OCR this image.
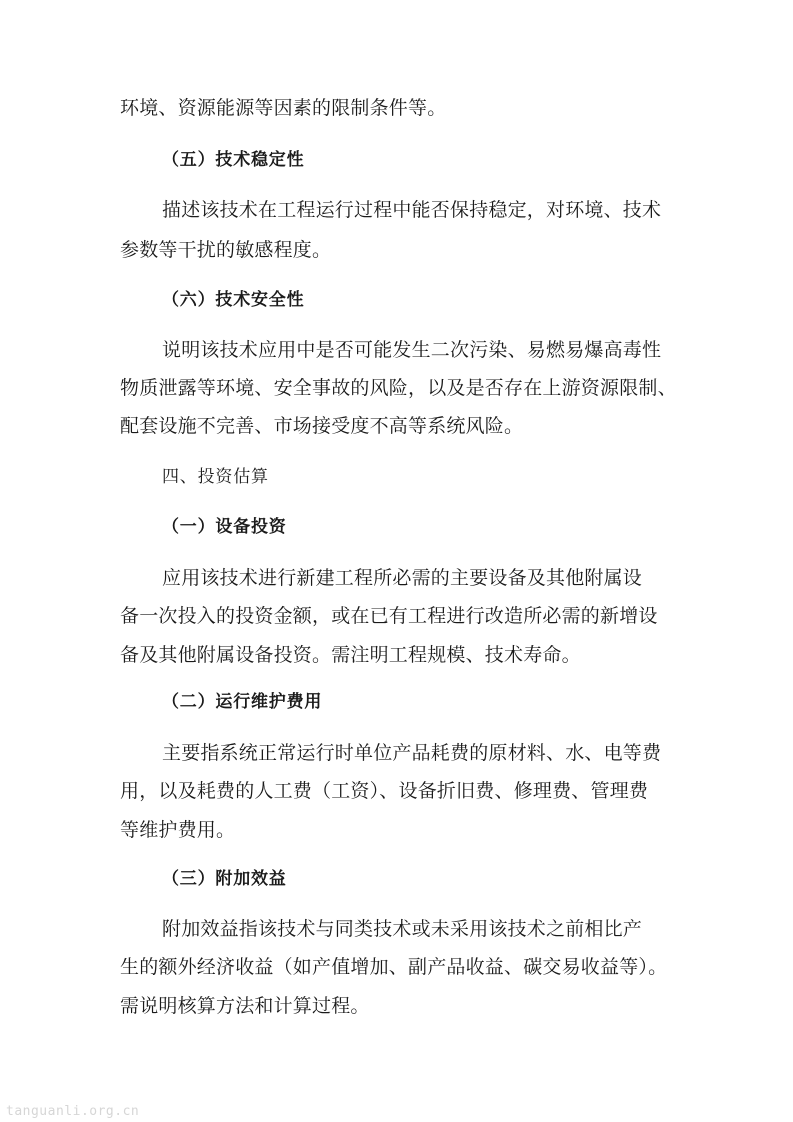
环境、资源能源等因素的限制条件等。
（五）技术稳定性
描述该技术在工程运行过程中能否保持稳定，对环境、技术
参数等干扰的敏感程度。
（六）技术安全性
说明该技术应用中是否可能发生二次污染、易燃易爆高毒性
物质泄露等环境、安全事故的风险，以及是否存在上游资源限制、
配套设施不完善、市场接受度不高等系统风险。
四、投资估算
（一）设备投资
应用该技术进行新建工程所必需的主要设备及其他附属设
备一次投入的投资金额，或在已有工程进行改造所必需的新增设
备及其他附属设备投资。需注明工程规模、技术寿命。
（二）运行维护费用
主要指系统正常运行时单位产品耗费的原材料、水、电等费
用，以及耗费的人工费（工资）、设备折旧费、修理费、管理费
等维护费用。
（三）附加效益
附加效益指该技术与同类技术或未采用该技术之前相比产
生的额外经济收益（如产值增加、副产品收益、碳交易收益等）。
需说明核算方法和计算过程。
tanguanli.org.cn
